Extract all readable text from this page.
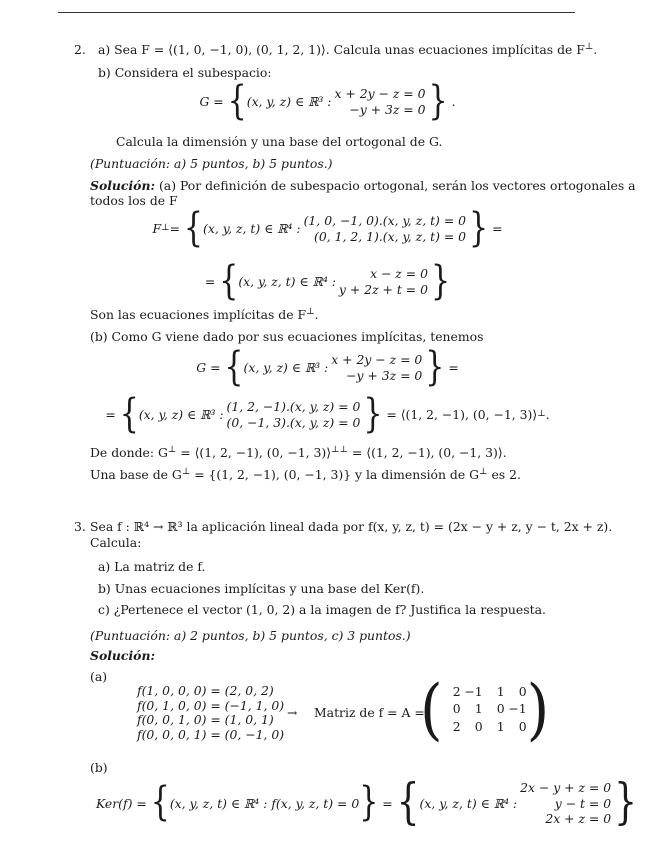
2. a) Sea F = ⟨(1, 0, −1, 0), (0, 1, 2, 1)⟩. Calcula unas ecuaciones implícitas de F⊥.
b) Considera el subespacio:
G =
{ (x, y, z) ∈ ℝ³ :
x + 2y − z = 0
−y + 3z = 0 }
.
Calcula la dimensión y una base del ortogonal de G.
(Puntuación: a) 5 puntos, b) 5 puntos.)
Solución: (a) Por definición de subespacio ortogonal, serán los vectores ortogonales a
todos los de F
F ⊥ =
{ (x, y, z, t) ∈ ℝ⁴ :
(1, 0, −1, 0).(x, y, z, t) = 0
(0, 1, 2, 1).(x, y, z, t) = 0 }
=
=
{ (x, y, z, t) ∈ ℝ⁴ :
x − z = 0
y + 2z + t = 0 }
Son las ecuaciones implícitas de F⊥.
(b) Como G viene dado por sus ecuaciones implícitas, tenemos
G =
{ (x, y, z) ∈ ℝ³ :
x + 2y − z = 0
−y + 3z = 0 }
=
=
{ (x, y, z) ∈ ℝ³ :
(1, 2, −1).(x, y, z) = 0
(0, −1, 3).(x, y, z) = 0 }
= ⟨(1, 2, −1), (0, −1, 3)⟩ ⊥ .
De donde: G⊥ = ⟨(1, 2, −1), (0, −1, 3)⟩⊥⊥ = ⟨(1, 2, −1), (0, −1, 3)⟩.
Una base de G⊥ = {(1, 2, −1), (0, −1, 3)} y la dimensión de G⊥ es 2.
3. Sea f : ℝ⁴ → ℝ³ la aplicación lineal dada por f(x, y, z, t) = (2x − y + z, y − t, 2x + z).
Calcula:
a) La matriz de f.
b) Unas ecuaciones implícitas y una base del Ker(f).
c) ¿Pertenece el vector (1, 0, 2) a la imagen de f? Justifica la respuesta.
(Puntuación: a) 2 puntos, b) 5 puntos, c) 3 puntos.)
Solución:
(a)
f(1, 0, 0, 0) = (2, 0, 2)
f(0, 1, 0, 0) = (−1, 1, 0)
f(0, 0, 1, 0) = (1, 0, 1)
f(0, 0, 0, 1) = (0, −1, 0)
→ Matriz de f = A =
( 2 −1	1	0
0	1	0 −1
2	0	1	0 )
(b)
Ker(f) =
{ (x, y, z, t) ∈ ℝ⁴ : f(x, y, z, t) = 0 }
=
{ (x, y, z, t) ∈ ℝ⁴ :
2x − y + z = 0
y − t = 0
2x + z = 0 }
